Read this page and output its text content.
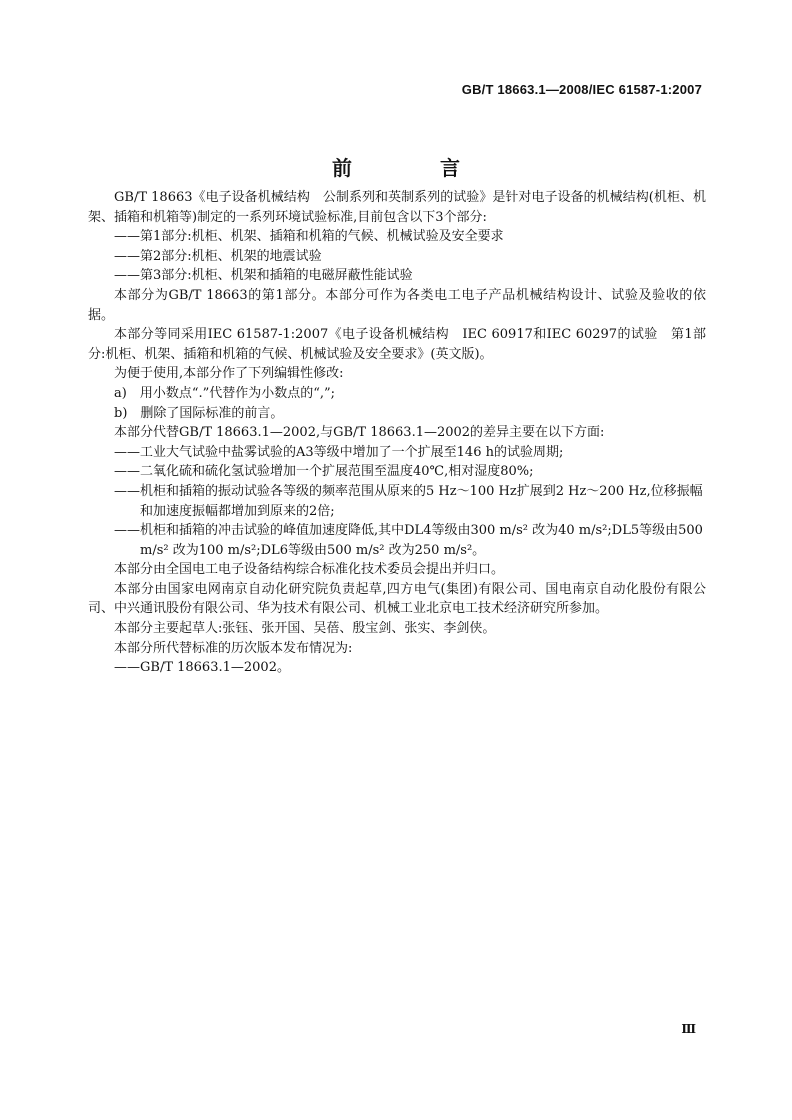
GB/T 18663.1—2008/IEC 61587-1:2007
前　言

GB/T 18663《电子设备机械结构　公制系列和英制系列的试验》是针对电子设备的机械结构(机柜、机架、插箱和机箱等)制定的一系列环境试验标准,目前包含以下3个部分:

——第1部分:机柜、机架、插箱和机箱的气候、机械试验及安全要求

——第2部分:机柜、机架的地震试验

——第3部分:机柜、机架和插箱的电磁屏蔽性能试验

本部分为GB/T 18663的第1部分。本部分可作为各类电工电子产品机械结构设计、试验及验收的依据。

本部分等同采用IEC 61587-1:2007《电子设备机械结构　IEC 60917和IEC 60297的试验　第1部分:机柜、机架、插箱和机箱的气候、机械试验及安全要求》(英文版)。

为便于使用,本部分作了下列编辑性修改:

a)　用小数点“.”代替作为小数点的“,”;

b)　删除了国际标准的前言。

本部分代替GB/T 18663.1—2002,与GB/T 18663.1—2002的差异主要在以下方面:

——工业大气试验中盐雾试验的A3等级中增加了一个扩展至146 h的试验周期;

——二氧化硫和硫化氢试验增加一个扩展范围至温度40℃,相对湿度80%;

——机柜和插箱的振动试验各等级的频率范围从原来的5 Hz～100 Hz扩展到2 Hz～200 Hz,位移振幅和加速度振幅都增加到原来的2倍;

——机柜和插箱的冲击试验的峰值加速度降低,其中DL4等级由300 m/s² 改为40 m/s²;DL5等级由500 m/s² 改为100 m/s²;DL6等级由500 m/s² 改为250 m/s²。

本部分由全国电工电子设备结构综合标准化技术委员会提出并归口。

本部分由国家电网南京自动化研究院负责起草,四方电气(集团)有限公司、国电南京自动化股份有限公司、中兴通讯股份有限公司、华为技术有限公司、机械工业北京电工技术经济研究所参加。

本部分主要起草人:张钰、张开国、吴蓓、殷宝剑、张实、李剑侠。

本部分所代替标准的历次版本发布情况为:

——GB/T 18663.1—2002。

Ⅲ
